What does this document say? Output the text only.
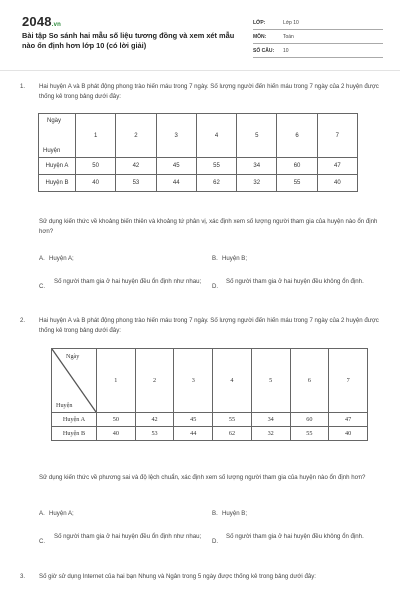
2048.vn
Bài tập So sánh hai mẫu số liệu tương đồng và xem xét mẫu nào ổn định hơn lớp 10 (có lời giải)
LỚP:	Lớp 10
MÔN:	Toán
SỐ CÂU:	10
1. Hai huyện A và B phát động phong trào hiến máu trong 7 ngày. Số lượng người đến hiến máu trong 7 ngày của 2 huyện được thống kê trong bảng dưới đây:
Ngày
Huyện	1	2	3	4	5	6	7
Huyện A	50	42	45	55	34	60	47
Huyện B	40	53	44	62	32	55	40
Sử dụng kiến thức về khoảng biến thiên và khoảng tứ phân vị, xác định xem số lượng người tham gia của huyện nào ổn định hơn?
A. Huyện A;	B. Huyện B;
C.
Số người tham gia ở hai huyện đều ổn định như nhau;
D.
Số người tham gia ở hai huyện đều không ổn định.
2. Hai huyện A và B phát động phong trào hiến máu trong 7 ngày. Số lượng người đến hiến máu trong 7 ngày của 2 huyện được thống kê trong bảng dưới đây:
Ngày
Huyện	1	2	3	4	5	6	7
Huyện A	50	42	45	55	34	60	47
Huyện B	40	53	44	62	32	55	40
Sử dụng kiến thức về phương sai và độ lệch chuẩn, xác định xem số lượng người tham gia của huyện nào ổn định hơn?
A. Huyện A;	B. Huyện B;
C.
Số người tham gia ở hai huyện đều ổn định như nhau;
D.
Số người tham gia ở hai huyện đều không ổn định.
3. Số giờ sử dụng Internet của hai bạn Nhung và Ngân trong 5 ngày được thống kê trong bảng dưới đây:
